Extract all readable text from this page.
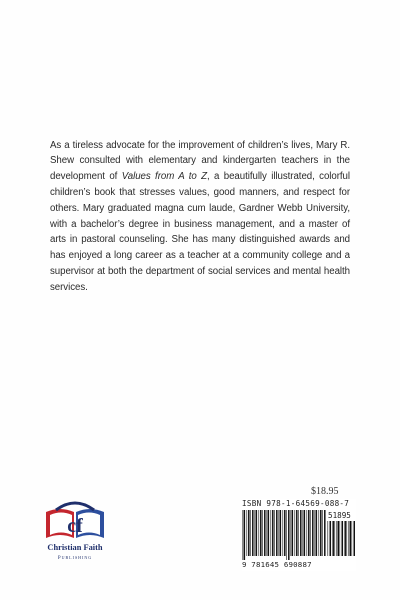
As a tireless advocate for the improvement of children’s lives, Mary R. Shew consulted with elementary and kindergarten teachers in the development of Values from A to Z, a beautifully illustrated, colorful children’s book that stresses values, good manners, and respect for others. Mary graduated magna cum laude, Gardner Webb University, with a bachelor’s degree in business management, and a master of arts in pastoral counseling. She has many distinguished awards and has enjoyed a long career as a teacher at a community college and a supervisor at both the department of social services and mental health services.

cf
Christian Faith
Publishing
$18.95
ISBN 978-1-64569-088-7
51895
9 781645 690887
